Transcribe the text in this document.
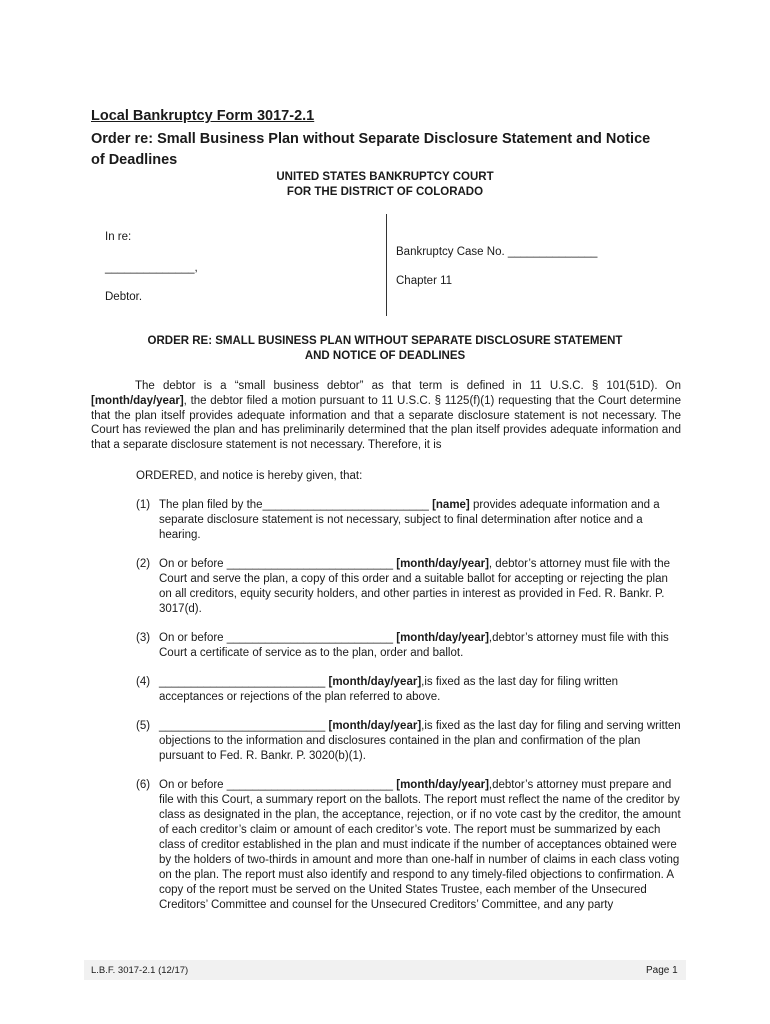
Local Bankruptcy Form 3017-2.1
Order re: Small Business Plan without Separate Disclosure Statement and Notice of Deadlines
UNITED STATES BANKRUPTCY COURT
FOR THE DISTRICT OF COLORADO
In re:
______________,
Debtor.
Bankruptcy Case No. ______________
Chapter 11
ORDER RE: SMALL BUSINESS PLAN WITHOUT SEPARATE DISCLOSURE STATEMENT
AND NOTICE OF DEADLINES
The debtor is a “small business debtor” as that term is defined in 11 U.S.C. § 101(51D). On [month/day/year], the debtor filed a motion pursuant to 11 U.S.C. § 1125(f)(1) requesting that the Court determine that the plan itself provides adequate information and that a separate disclosure statement is not necessary. The Court has reviewed the plan and has preliminarily determined that the plan itself provides adequate information and that a separate disclosure statement is not necessary. Therefore, it is
ORDERED, and notice is hereby given, that:
(1) The plan filed by the__________________________ [name] provides adequate information and a separate disclosure statement is not necessary, subject to final determination after notice and a hearing.
(2) On or before __________________________ [month/day/year], debtor’s attorney must file with the Court and serve the plan, a copy of this order and a suitable ballot for accepting or rejecting the plan on all creditors, equity security holders, and other parties in interest as provided in Fed. R. Bankr. P. 3017(d).
(3) On or before __________________________ [month/day/year],debtor’s attorney must file with this Court a certificate of service as to the plan, order and ballot.
(4) __________________________ [month/day/year],is fixed as the last day for filing written acceptances or rejections of the plan referred to above.
(5) __________________________ [month/day/year],is fixed as the last day for filing and serving written objections to the information and disclosures contained in the plan and confirmation of the plan pursuant to Fed. R. Bankr. P. 3020(b)(1).
(6) On or before __________________________ [month/day/year],debtor’s attorney must prepare and file with this Court, a summary report on the ballots. The report must reflect the name of the creditor by class as designated in the plan, the acceptance, rejection, or if no vote cast by the creditor, the amount of each creditor’s claim or amount of each creditor’s vote. The report must be summarized by each class of creditor established in the plan and must indicate if the number of acceptances obtained were by the holders of two-thirds in amount and more than one-half in number of claims in each class voting on the plan. The report must also identify and respond to any timely-filed objections to confirmation. A copy of the report must be served on the United States Trustee, each member of the Unsecured Creditors’ Committee and counsel for the Unsecured Creditors’ Committee, and any party
L.B.F. 3017-2.1 (12/17)	Page 1
